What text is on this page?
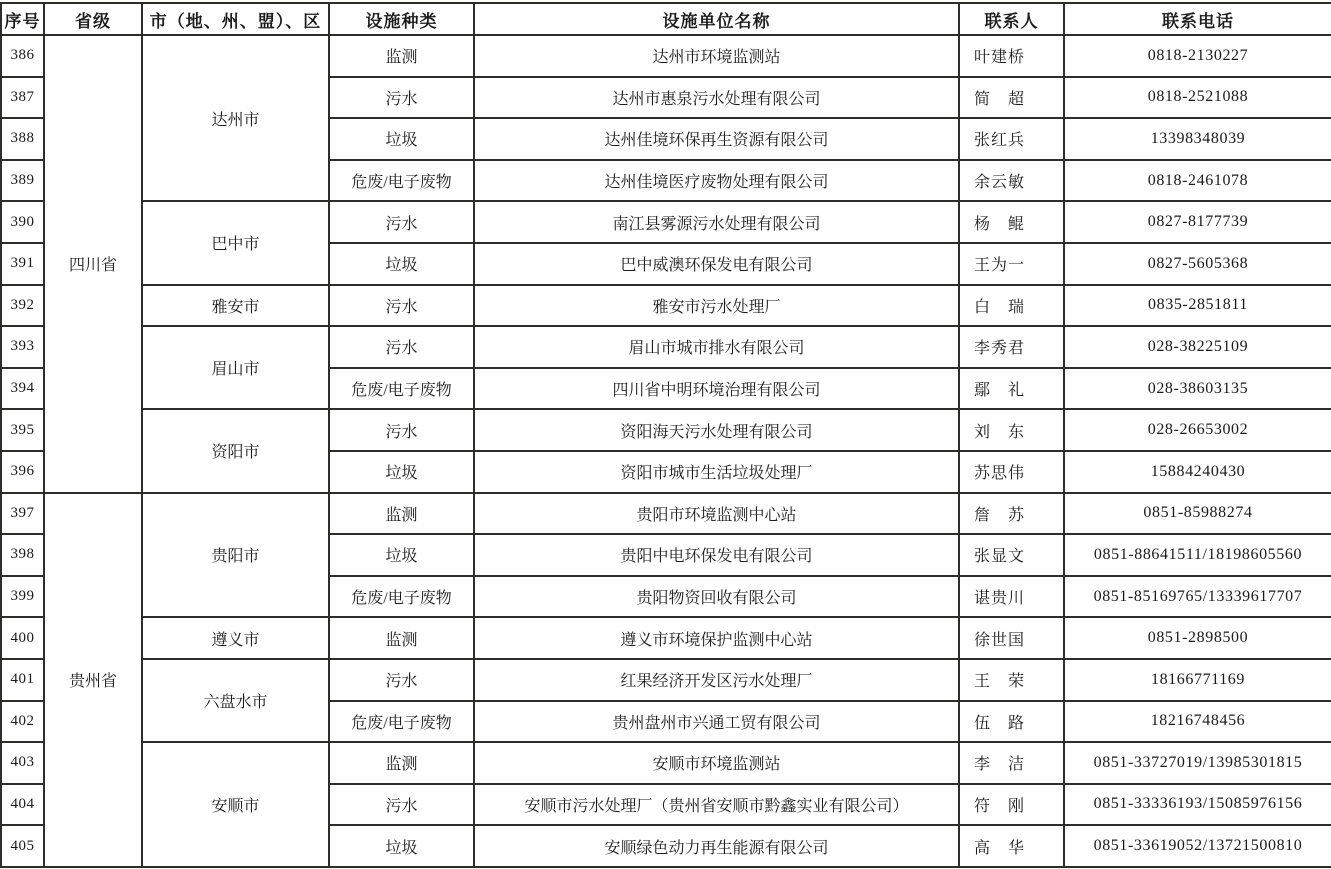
序号	省级	市（地、州、盟）、区	设施种类	设施单位名称	联系人	联系电话
386	四川省	达州市	监测	达州市环境监测站	叶建桥	0818-2130227
387			污水	达州市惠泉污水处理有限公司	简　超	0818-2521088
388			垃圾	达州佳境环保再生资源有限公司	张红兵	13398348039
389			危废/电子废物	达州佳境医疗废物处理有限公司	余云敏	0818-2461078
390		巴中市	污水	南江县雾源污水处理有限公司	杨　鲲	0827-8177739
391			垃圾	巴中威澳环保发电有限公司	王为一	0827-5605368
392		雅安市	污水	雅安市污水处理厂	白　瑞	0835-2851811
393		眉山市	污水	眉山市城市排水有限公司	李秀君	028-38225109
394			危废/电子废物	四川省中明环境治理有限公司	鄢　礼	028-38603135
395		资阳市	污水	资阳海天污水处理有限公司	刘　东	028-26653002
396			垃圾	资阳市城市生活垃圾处理厂	苏思伟	15884240430
397	贵州省	贵阳市	监测	贵阳市环境监测中心站	詹　苏	0851-85988274
398			垃圾	贵阳中电环保发电有限公司	张显文	0851-88641511/18198605560
399			危废/电子废物	贵阳物资回收有限公司	谌贵川	0851-85169765/13339617707
400		遵义市	监测	遵义市环境保护监测中心站	徐世国	0851-2898500
401		六盘水市	污水	红果经济开发区污水处理厂	王　荣	18166771169
402			危废/电子废物	贵州盘州市兴通工贸有限公司	伍　路	18216748456
403		安顺市	监测	安顺市环境监测站	李　洁	0851-33727019/13985301815
404			污水	安顺市污水处理厂（贵州省安顺市黔鑫实业有限公司）	符　刚	0851-33336193/15085976156
405			垃圾	安顺绿色动力再生能源有限公司	高　华	0851-33619052/13721500810
